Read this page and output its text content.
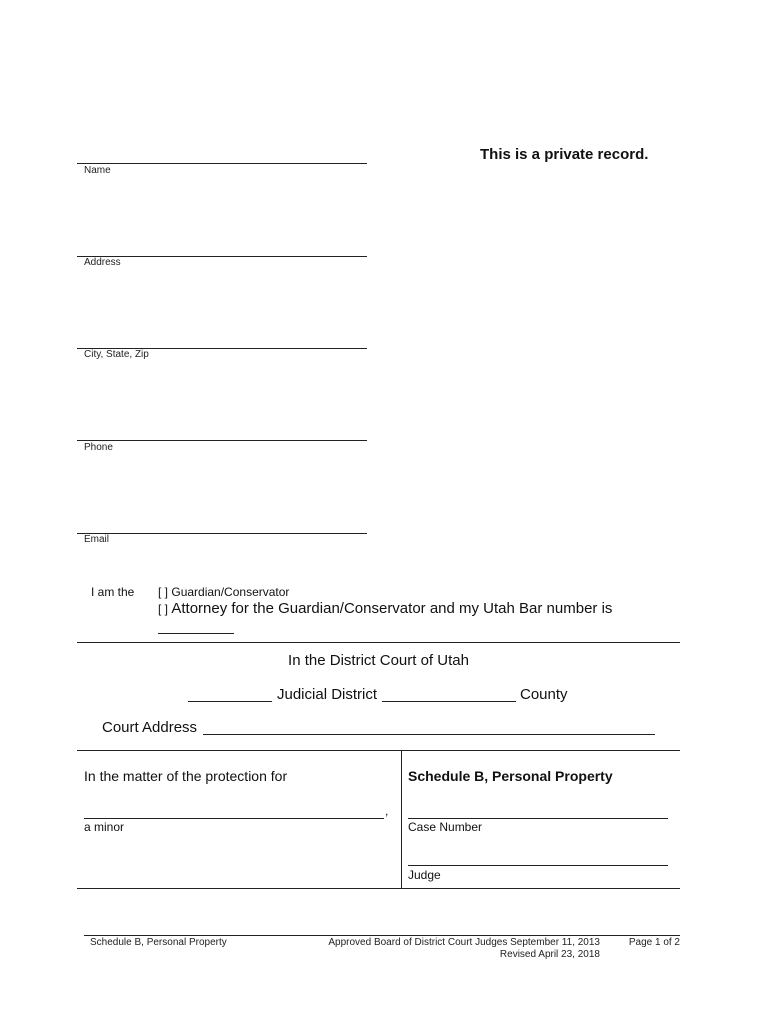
This is a private record.
Name
Address
City, State, Zip
Phone
Email
I am the [ ] Guardian/Conservator
[ ] Attorney for the Guardian/Conservator and my Utah Bar number is
In the District Court of Utah
Judicial District	County
Court Address
In the matter of the protection for
,
a minor
Schedule B, Personal Property
Case Number
Judge
Schedule B, Personal Property	Approved Board of District Court Judges September 11, 2013
Revised April 23, 2018
Page 1 of 2
